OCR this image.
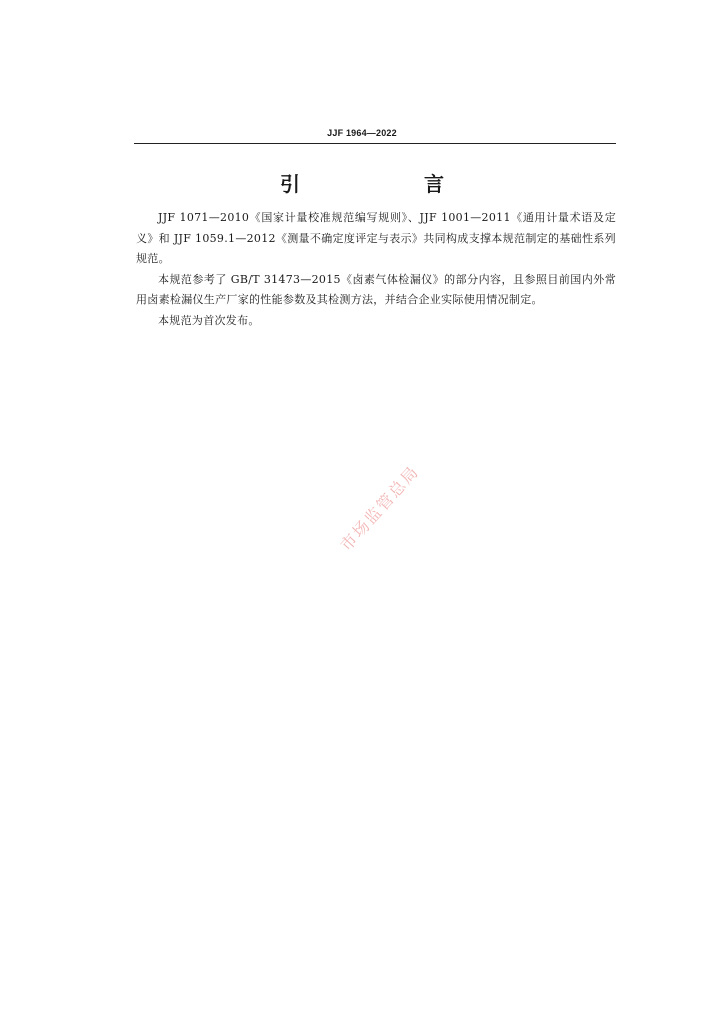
JJF 1964—2022
引　言

JJF 1071—2010《国家计量校准规范编写规则》、JJF 1001—2011《通用计量术语及定义》和 JJF 1059.1—2012《测量不确定度评定与表示》共同构成支撑本规范制定的基础性系列规范。

本规范参考了 GB/T 31473—2015《卤素气体检漏仪》的部分内容，且参照目前国内外常用卤素检漏仪生产厂家的性能参数及其检测方法，并结合企业实际使用情况制定。

本规范为首次发布。

市场监管总局
